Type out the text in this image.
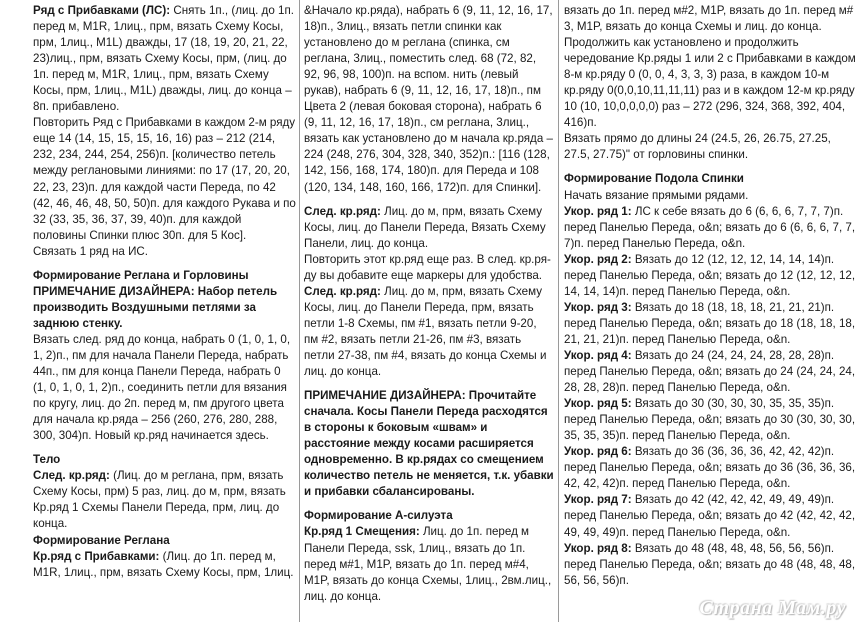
Ряд с Прибавками (ЛС): Снять 1п., (лиц. до 1п. перед м, M1R, 1лиц., прм, вязать Схему Косы, прм, 1лиц., M1L) дважды, 17 (18, 19, 20, 21, 22, 23)лиц., прм, вязать Схему Косы, прм, (лиц. до 1п. перед м, M1R, 1лиц., прм, вязать Схему Косы, прм, 1лиц., M1L) дважды, лиц. до конца – 8п. прибавлено.

Повторить Ряд с Прибавками в каждом 2-м ряду еще 14 (14, 15, 15, 15, 16, 16) раз – 212 (214, 232, 234, 244, 254, 256)п. [количество петель между реглановыми линиями: по 17 (17, 20, 20, 22, 23, 23)п. для каждой части Переда, по 42 (42, 46, 46, 48, 50, 50)п. для каждого Рукава и по 32 (33, 35, 36, 37, 39, 40)п. для каждой половины Спинки плюс 30п. для 5 Кос].

Связать 1 ряд на ИС.

Формирование Реглана и Горловины

ПРИМЕЧАНИЕ ДИЗАЙНЕРА: Набор петель производить Воздушными петлями за заднюю стенку.

Вязать след. ряд до конца, набрать 0 (1, 0, 1, 0, 1, 2)п., пм для начала Панели Переда, набрать 44п., пм для конца Панели Переда, набрать 0 (1, 0, 1, 0, 1, 2)п., соединить петли для вязания по кругу, лиц. до 2п. перед м, пм другого цвета для начала кр.ряда – 256 (260, 276, 280, 288, 300, 304)п. Новый кр.ряд начинается здесь.

Тело

След. кр.ряд: (Лиц. до м реглана, прм, вязать Схему Косы, прм) 5 раз, лиц. до м, прм, вязать Кр.ряд 1 Схемы Панели Переда, прм, лиц. до конца.

Формирование Реглана

Кр.ряд с Прибавками: (Лиц. до 1п. перед м, M1R, 1лиц., прм, вязать Схему Косы, прм, 1лиц.

&Начало кр.ряда), набрать 6 (9, 11, 12, 16, 17, 18)п., 3лиц., вязать петли спинки как установлено до м реглана (спинка, см реглана, 3лиц., поместить след. 68 (72, 82, 92, 96, 98, 100)п. на вспом. нить (левый рукав), набрать 6 (9, 11, 12, 16, 17, 18)п., пм Цвета 2 (левая боковая сторона), набрать 6 (9, 11, 12, 16, 17, 18)п., см реглана, 3лиц., вязать как установлено до м начала кр.ряда – 224 (248, 276, 304, 328, 340, 352)п.: [116 (128, 142, 156, 168, 174, 180)п. для Переда и 108 (120, 134, 148, 160, 166, 172)п. для Спинки].

След. кр.ряд: Лиц. до м, прм, вязать Схему Косы, лиц. до Панели Переда, Вязать Схему Панели, лиц. до конца.

Повторить этот кр.ряд еще раз. В след. кр.ря-ду вы добавите еще маркеры для удобства.

След. кр.ряд: Лиц. до м, прм, вязать Схему Косы, лиц. до Панели Переда, прм, вязать петли 1-8 Схемы, пм #1, вязать петли 9-20, пм #2, вязать петли 21-26, пм #3, вязать петли 27-38, пм #4, вязать до конца Схемы и лиц. до конца.

ПРИМЕЧАНИЕ ДИЗАЙНЕРА: Прочитайте сначала. Косы Панели Переда расходятся в стороны к боковым «швам» и расстояние между косами расширяется одновременно. В кр.рядах со смещением количество петель не меняется, т.к. убавки и прибавки сбалансированы.

Формирование А-силуэта

Кр.ряд 1 Смещения: Лиц. до 1п. перед м Панели Переда, ssk, 1лиц., вязать до 1п. перед м#1, M1P, вязать до 1п. перед м#4, M1P, вязать до конца Схемы, 1лиц., 2вм.лиц., лиц. до конца.

вязать до 1п. перед м#2, M1P, вязать до 1п. перед м# 3, M1P, вязать до конца Схемы и лиц. до конца.

Продолжить как установлено и продолжить чередование Кр.ряды 1 или 2 с Прибавками в каждом 8-м кр.ряду 0 (0, 0, 4, 3, 3, 3) раза, в каждом 10-м кр.ряду 0(0,0,10,11,11,11) раз и в каждом 12-м кр.ряду 10 (10, 10,0,0,0,0) раз – 272 (296, 324, 368, 392, 404, 416)п.

Вязать прямо до длины 24 (24.5, 26, 26.75, 27.25, 27.5, 27.75)" от горловины спинки.

Формирование Подола Спинки

Начать вязание прямыми рядами.

Укор. ряд 1: ЛС к себе вязать до 6 (6, 6, 6, 7, 7, 7)п. перед Панелью Переда, o&n; вязать до 6 (6, 6, 6, 7, 7, 7)п. перед Панелью Переда, o&n.

Укор. ряд 2: Вязать до 12 (12, 12, 12, 14, 14, 14)п. перед Панелью Переда, o&n; вязать до 12 (12, 12, 12, 14, 14, 14)п. перед Панелью Переда, o&n.

Укор. ряд 3: Вязать до 18 (18, 18, 18, 21, 21, 21)п. перед Панелью Переда, o&n; вязать до 18 (18, 18, 18, 21, 21, 21)п. перед Панелью Переда, o&n.

Укор. ряд 4: Вязать до 24 (24, 24, 24, 28, 28, 28)п. перед Панелью Переда, o&n; вязать до 24 (24, 24, 24, 28, 28, 28)п. перед Панелью Переда, o&n.

Укор. ряд 5: Вязать до 30 (30, 30, 30, 35, 35, 35)п. перед Панелью Переда, o&n; вязать до 30 (30, 30, 30, 35, 35, 35)п. перед Панелью Переда, o&n.

Укор. ряд 6: Вязать до 36 (36, 36, 36, 42, 42, 42)п. перед Панелью Переда, o&n; вязать до 36 (36, 36, 36, 42, 42, 42)п. перед Панелью Переда, o&n.

Укор. ряд 7: Вязать до 42 (42, 42, 42, 49, 49, 49)п. перед Панелью Переда, o&n; вязать до 42 (42, 42, 42, 49, 49, 49)п. перед Панелью Переда, o&n.

Укор. ряд 8: Вязать до 48 (48, 48, 48, 56, 56, 56)п. перед Панелью Переда, o&n; вязать до 48 (48, 48, 48, 56, 56, 56)п.

Страна Мам.ру
